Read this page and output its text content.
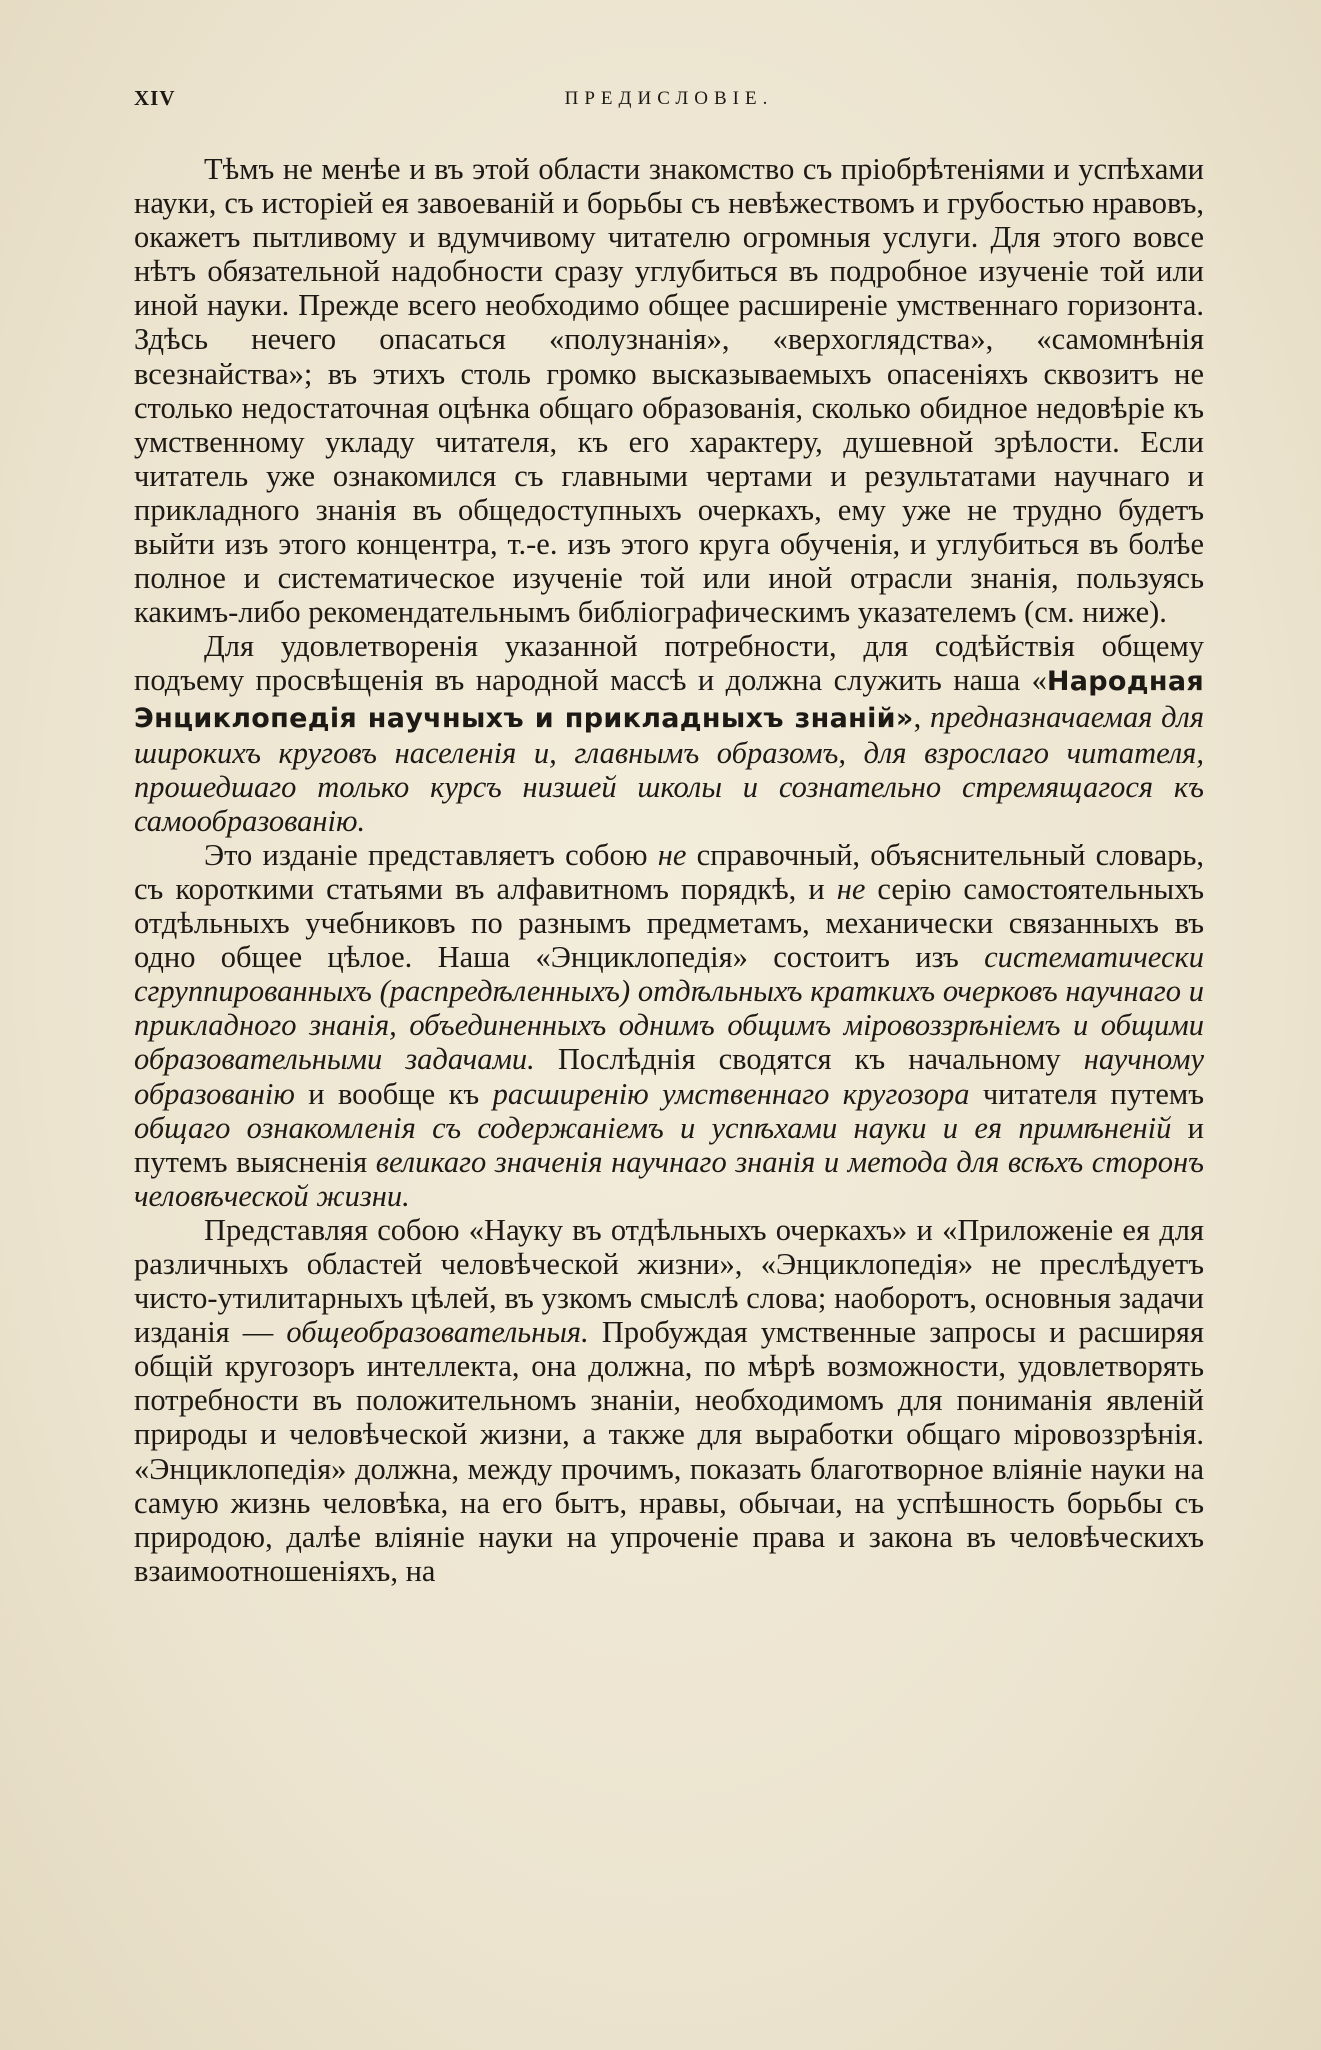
XIV	ПРЕДИСЛОВІЕ.

Тѣмъ не менѣе и въ этой области знакомство съ пріобрѣтеніями и успѣхами науки, съ исторіей ея завоеваній и борьбы съ невѣжествомъ и грубостью нравовъ, окажетъ пытливому и вдумчивому читателю огромныя услуги. Для этого вовсе нѣтъ обязательной надобности сразу углубиться въ подробное изученіе той или иной науки. Прежде всего необходимо общее расширеніе умственнаго горизонта. Здѣсь нечего опасаться «полузнанія», «верхоглядства», «самомнѣнія всезнайства»; въ этихъ столь громко высказываемыхъ опасеніяхъ сквозитъ не столько недостаточная оцѣнка общаго образованія, сколько обидное недовѣріе къ умственному укладу читателя, къ его характеру, душевной зрѣлости. Если читатель уже ознакомился съ главными чертами и результатами научнаго и прикладного знанія въ общедоступныхъ очеркахъ, ему уже не трудно будетъ выйти изъ этого концентра, т.-е. изъ этого круга обученія, и углубиться въ болѣе полное и систематическое изученіе той или иной отрасли знанія, пользуясь какимъ-либо рекомендательнымъ библіографическимъ указателемъ (см. ниже).

Для удовлетворенія указанной потребности, для содѣйствія общему подъему просвѣщенія въ народной массѣ и должна служить наша «Народная Энциклопедія научныхъ и прикладныхъ знаній», предназначаемая для широкихъ круговъ населенія и, главнымъ образомъ, для взрослаго читателя, прошедшаго только курсъ низшей школы и сознательно стремящагося къ самообразованію.

Это изданіе представляетъ собою не справочный, объяснительный словарь, съ короткими статьями въ алфавитномъ порядкѣ, и не серію самостоятельныхъ отдѣльныхъ учебниковъ по разнымъ предметамъ, механически связанныхъ въ одно общее цѣлое. Наша «Энциклопедія» состоитъ изъ систематически сгруппированныхъ (распредѣленныхъ) отдѣльныхъ краткихъ очерковъ научнаго и прикладного знанія, объединенныхъ однимъ общимъ міровоззрѣніемъ и общими образовательными задачами. Послѣднія сводятся къ начальному научному образованію и вообще къ расширенію умственнаго кругозора читателя путемъ общаго ознакомленія съ содержаніемъ и успѣхами науки и ея примѣненій и путемъ выясненія великаго значенія научнаго знанія и метода для всѣхъ сторонъ человѣческой жизни.

Представляя собою «Науку въ отдѣльныхъ очеркахъ» и «Приложеніе ея для различныхъ областей человѣческой жизни», «Энциклопедія» не преслѣдуетъ чисто-утилитарныхъ цѣлей, въ узкомъ смыслѣ слова; наоборотъ, основныя задачи изданія — общеобразовательныя. Пробуждая умственные запросы и расширяя общій кругозоръ интеллекта, она должна, по мѣрѣ возможности, удовлетворять потребности въ положительномъ знаніи, необходимомъ для пониманія явленій природы и человѣческой жизни, а также для выработки общаго міровоззрѣнія. «Энциклопедія» должна, между прочимъ, показать благотворное вліяніе науки на самую жизнь человѣка, на его бытъ, нравы, обычаи, на успѣшность борьбы съ природою, далѣе вліяніе науки на упроченіе права и закона въ человѣческихъ взаимоотношеніяхъ, на
